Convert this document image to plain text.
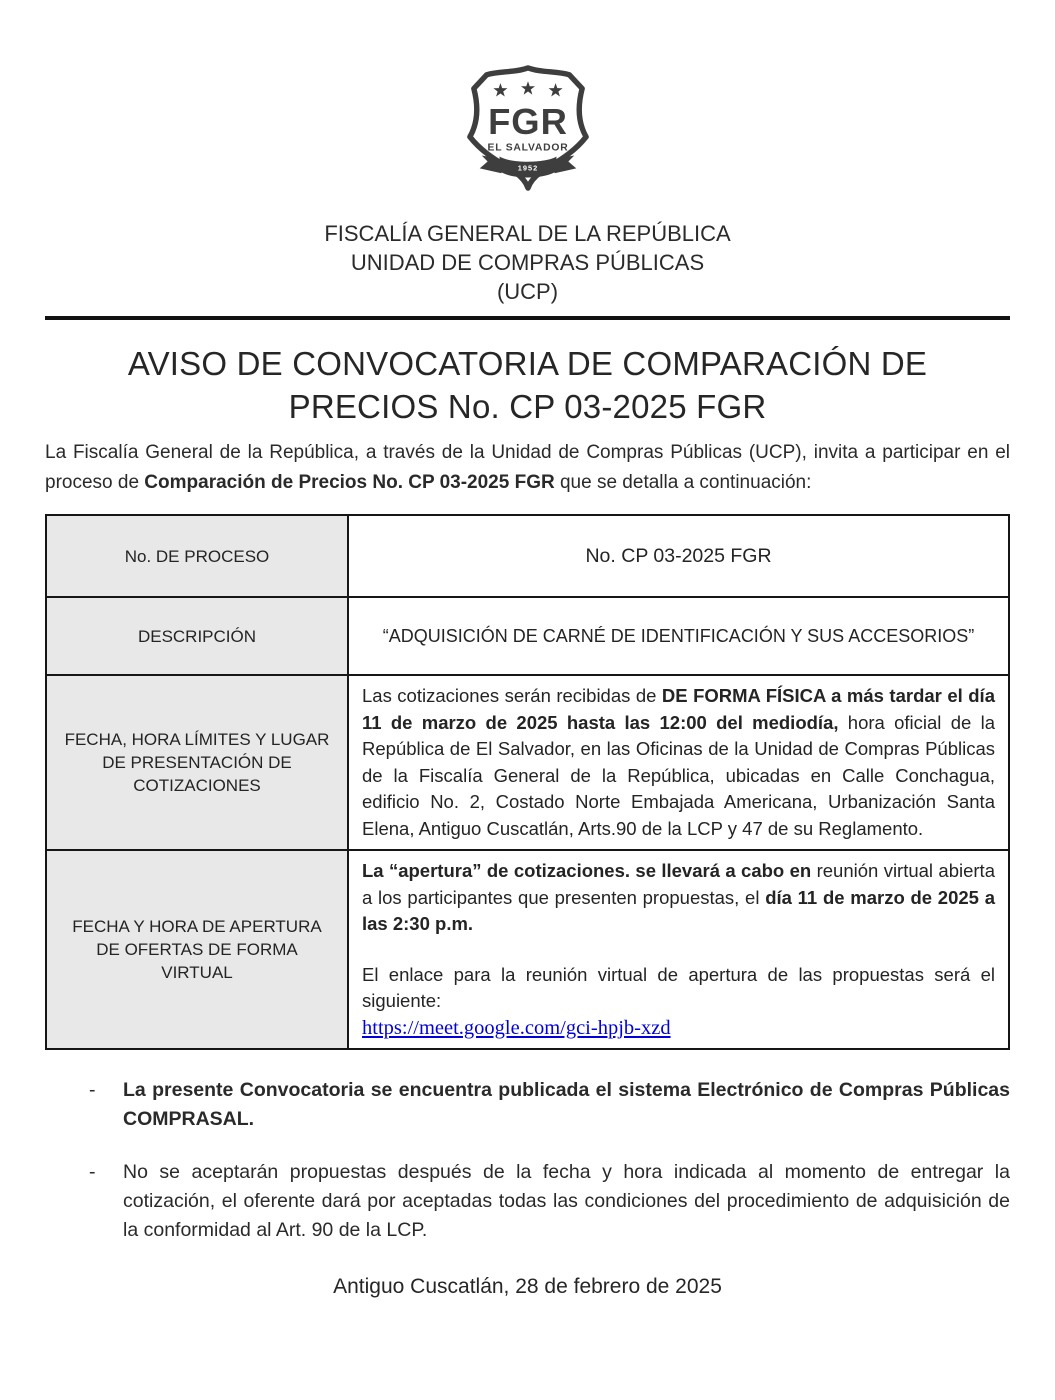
FGR
EL SALVADOR
1952
FISCALÍA GENERAL DE LA REPÚBLICA
UNIDAD DE COMPRAS PÚBLICAS
(UCP)
AVISO DE CONVOCATORIA DE COMPARACIÓN DE PRECIOS No. CP 03-2025 FGR

La Fiscalía General de la República, a través de la Unidad de Compras Públicas (UCP), invita a participar en el proceso de Comparación de Precios No. CP 03-2025 FGR que se detalla a continuación:

No. DE PROCESO	No. CP 03-2025 FGR
DESCRIPCIÓN	“ADQUISICIÓN DE CARNÉ DE IDENTIFICACIÓN Y SUS ACCESORIOS”
FECHA, HORA LÍMITES Y LUGAR DE PRESENTACIÓN DE COTIZACIONES	Las cotizaciones serán recibidas de DE FORMA FÍSICA a más tardar el día 11 de marzo de 2025 hasta las 12:00 del mediodía, hora oficial de la República de El Salvador, en las Oficinas de la Unidad de Compras Públicas de la Fiscalía General de la República, ubicadas en Calle Conchagua, edificio No. 2, Costado Norte Embajada Americana, Urbanización Santa Elena, Antiguo Cuscatlán, Arts.90 de la LCP y 47 de su Reglamento.

FECHA Y HORA DE APERTURA DE OFERTAS DE FORMA VIRTUAL	La “apertura” de cotizaciones. se llevará a cabo en reunión virtual abierta a los participantes que presenten propuestas, el día 11 de marzo de 2025 a las 2:30 p.m.

El enlace para la reunión virtual de apertura de las propuestas será el siguiente:

https://meet.google.com/gci-hpjb-xzd

-	La presente Convocatoria se encuentra publicada el sistema Electrónico de Compras Públicas COMPRASAL.
-	No se aceptarán propuestas después de la fecha y hora indicada al momento de entregar la cotización, el oferente dará por aceptadas todas las condiciones del procedimiento de adquisición de la conformidad al Art. 90 de la LCP.
Antiguo Cuscatlán, 28 de febrero de 2025
